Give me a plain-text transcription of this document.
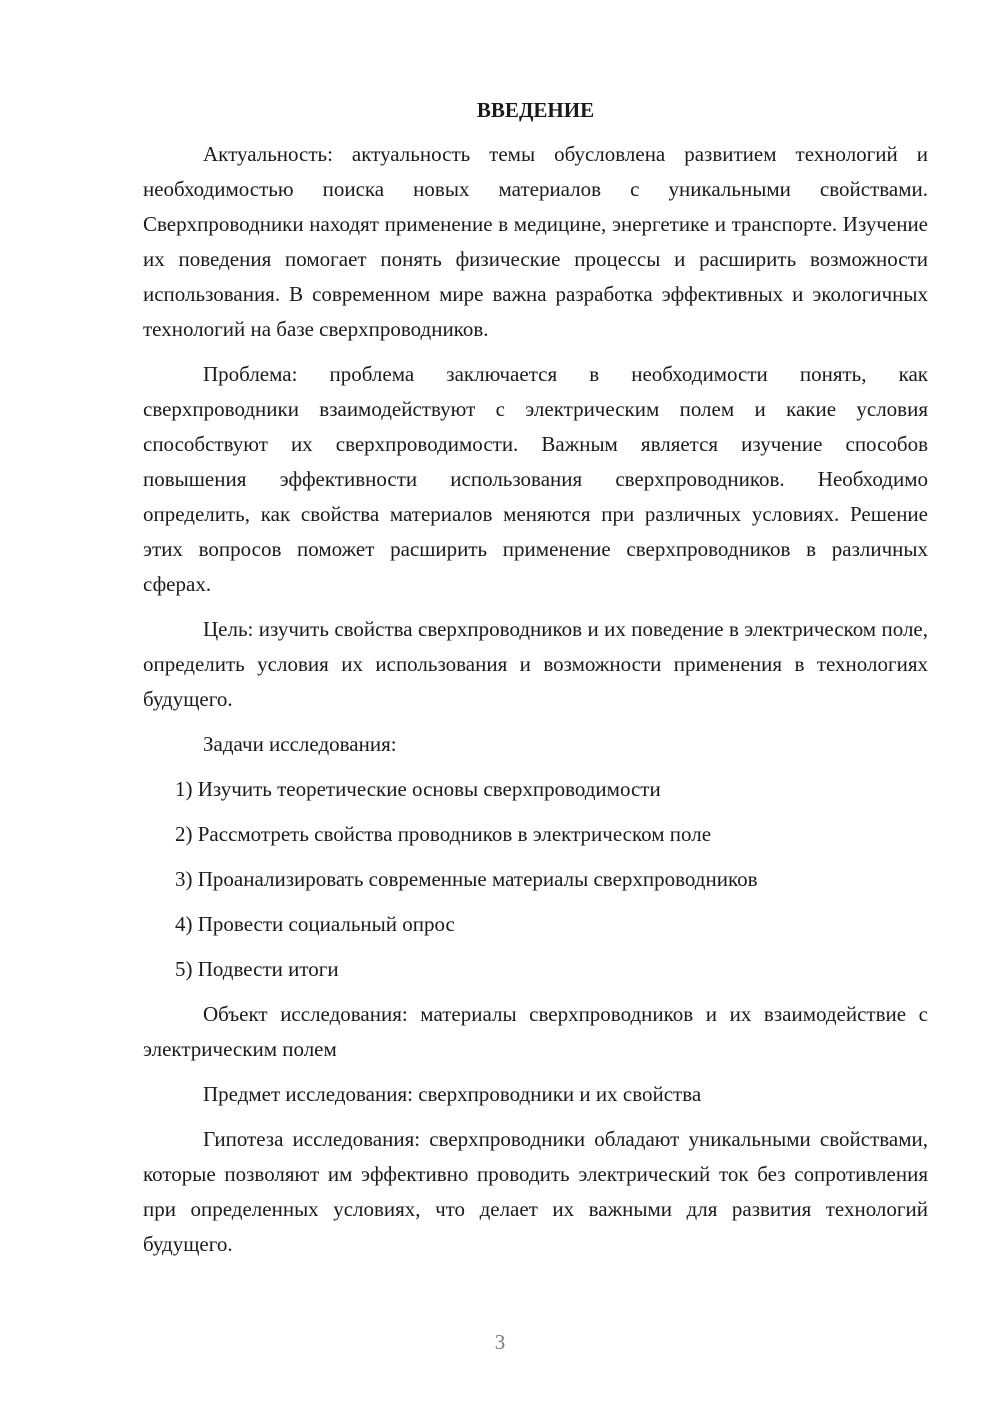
ВВЕДЕНИЕ

Актуальность: актуальность темы обусловлена развитием технологий и необходимостью поиска новых материалов с уникальными свойствами. Сверхпроводники находят применение в медицине, энергетике и транспорте. Изучение их поведения помогает понять физические процессы и расширить возможности использования. В современном мире важна разработка эффективных и экологичных технологий на базе сверхпроводников.

Проблема: проблема заключается в необходимости понять, как сверхпроводники взаимодействуют с электрическим полем и какие условия способствуют их сверхпроводимости. Важным является изучение способов повышения эффективности использования сверхпроводников. Необходимо определить, как свойства материалов меняются при различных условиях. Решение этих вопросов поможет расширить применение сверхпроводников в различных сферах.

Цель: изучить свойства сверхпроводников и их поведение в электрическом поле, определить условия их использования и возможности применения в технологиях будущего.

Задачи исследования:

1) Изучить теоретические основы сверхпроводимости
2) Рассмотреть свойства проводников в электрическом поле
3) Проанализировать современные материалы сверхпроводников
4) Провести социальный опрос
5) Подвести итоги

Объект исследования: материалы сверхпроводников и их взаимодействие с электрическим полем

Предмет исследования: сверхпроводники и их свойства

Гипотеза исследования: сверхпроводники обладают уникальными свойствами, которые позволяют им эффективно проводить электрический ток без сопротивления при определенных условиях, что делает их важными для развития технологий будущего.

3
